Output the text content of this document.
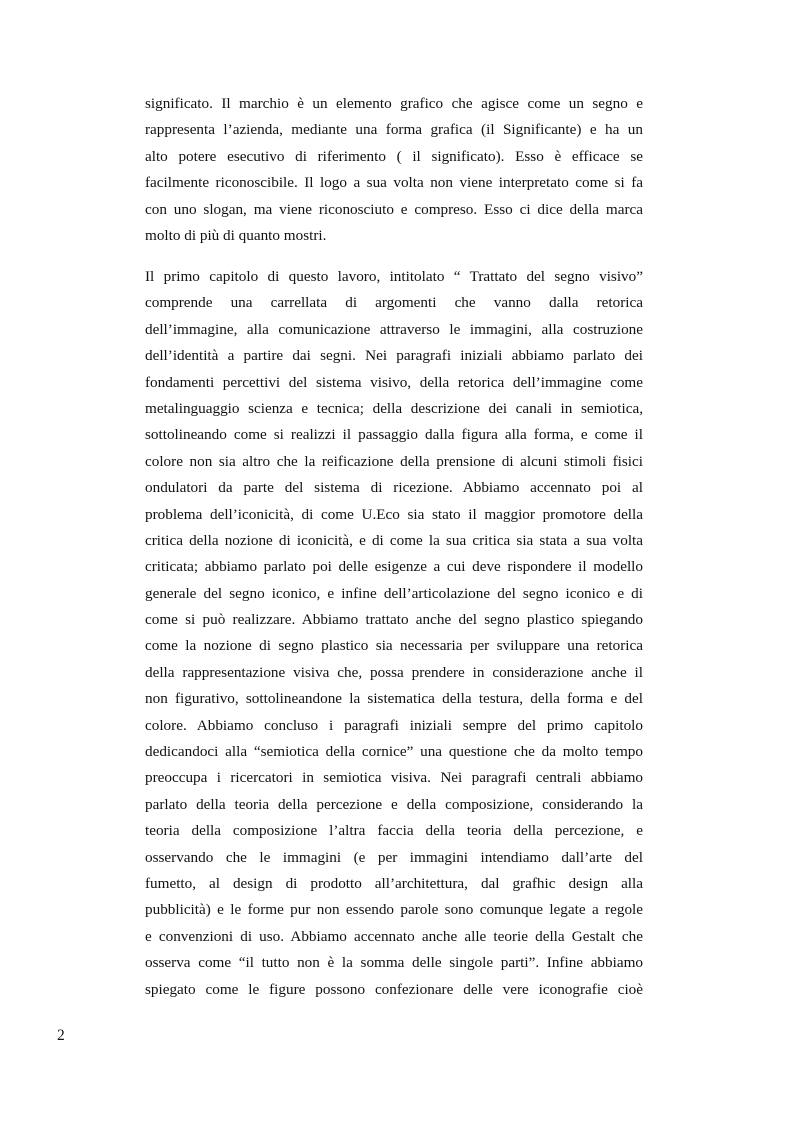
significato. Il marchio è un elemento grafico che agisce come un segno e
rappresenta l’azienda, mediante una forma grafica (il Significante) e ha un
alto potere esecutivo di riferimento ( il significato). Esso è efficace se
facilmente riconoscibile. Il logo a sua volta non viene interpretato come si fa
con uno slogan, ma viene riconosciuto e compreso. Esso ci dice della marca
molto di più di quanto mostri.
Il primo capitolo di questo lavoro, intitolato “ Trattato del segno visivo”
comprende una carrellata di argomenti che vanno dalla retorica
dell’immagine, alla comunicazione attraverso le immagini, alla costruzione
dell’identità a partire dai segni. Nei paragrafi iniziali abbiamo parlato dei
fondamenti percettivi del sistema visivo, della retorica dell’immagine come
metalinguaggio scienza e tecnica; della descrizione dei canali in semiotica,
sottolineando come si realizzi il passaggio dalla figura alla forma, e come il
colore non sia altro che la reificazione della prensione di alcuni stimoli fisici
ondulatori da parte del sistema di ricezione. Abbiamo accennato poi al
problema dell’iconicità, di come U.Eco sia stato il maggior promotore della
critica della nozione di iconicità, e di come la sua critica sia stata a sua volta
criticata; abbiamo parlato poi delle esigenze a cui deve rispondere il modello
generale del segno iconico, e infine dell’articolazione del segno iconico e di
come si può realizzare. Abbiamo trattato anche del segno plastico spiegando
come la nozione di segno plastico sia necessaria per sviluppare una retorica
della rappresentazione visiva che, possa prendere in considerazione anche il
non figurativo, sottolineandone la sistematica della testura, della forma e del
colore. Abbiamo concluso i paragrafi iniziali sempre del primo capitolo
dedicandoci alla “semiotica della cornice” una questione che da molto tempo
preoccupa i ricercatori in semiotica visiva. Nei paragrafi centrali abbiamo
parlato della teoria della percezione e della composizione, considerando la
teoria della composizione l’altra faccia della teoria della percezione, e
osservando che le immagini (e per immagini intendiamo dall’arte del
fumetto, al design di prodotto all’architettura, dal grafhic design alla
pubblicità) e le forme pur non essendo parole sono comunque legate a regole
e convenzioni di uso. Abbiamo accennato anche alle teorie della Gestalt che
osserva come “il tutto non è la somma delle singole parti”. Infine abbiamo
spiegato come le figure possono confezionare delle vere iconografie cioè
2
